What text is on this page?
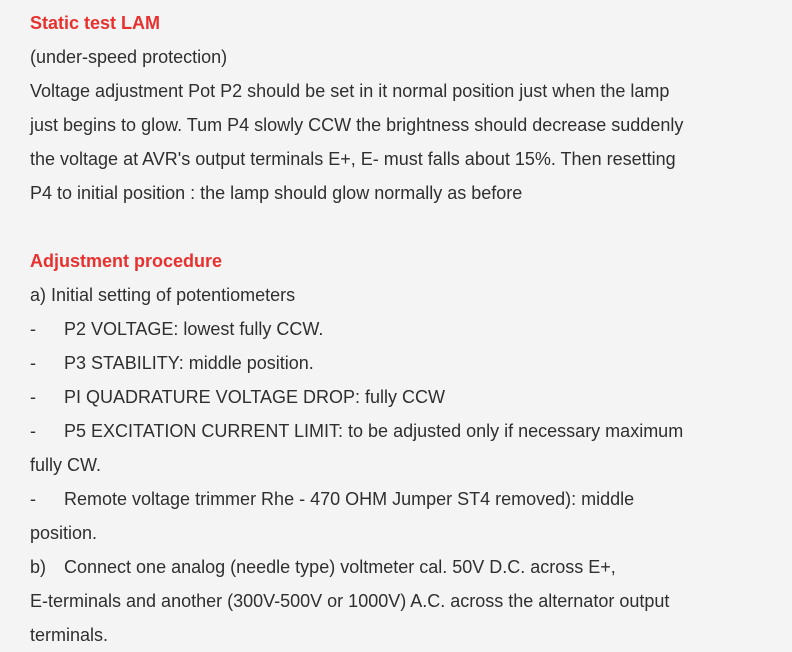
Static test LAM
(under-speed protection)
Voltage adjustment Pot P2 should be set in it normal position just when the lamp
just begins to glow. Tum P4 slowly CCW the brightness should decrease suddenly
the voltage at AVR's output terminals E+, E- must falls about 15%. Then resetting
P4 to initial position : the lamp should glow normally as before
Adjustment procedure
a) Initial setting of potentiometers
-	P2 VOLTAGE: lowest fully CCW.
-	P3 STABILITY: middle position.
-	PI QUADRATURE VOLTAGE DROP: fully CCW
-	P5 EXCITATION CURRENT LIMIT: to be adjusted only if necessary maximum
fully CW.
-	Remote voltage trimmer Rhe - 470 OHM Jumper ST4 removed): middle
position.
b) Connect one analog (needle type) voltmeter cal. 50V D.C. across E+,
E-terminals and another (300V-500V or 1000V) A.C. across the alternator output
terminals.
